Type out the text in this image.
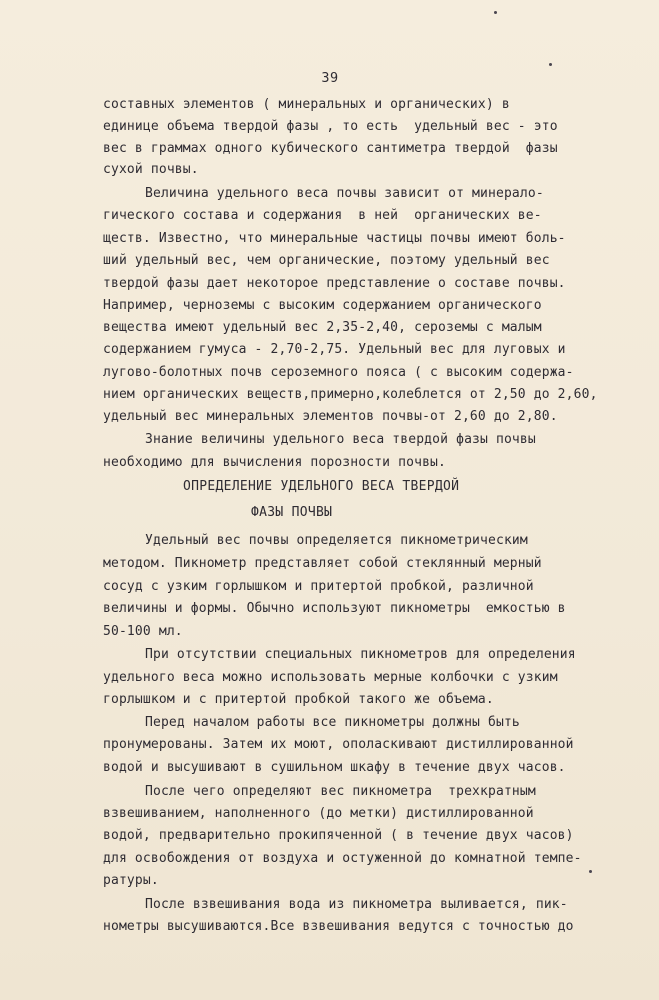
39
составных элементов ( минеральных и органических) в
единице объема твердой фазы , то есть  удельный вес - это
вес в граммах одного кубического сантиметра твердой  фазы
сухой почвы.
Величина удельного веса почвы зависит от минерало-
гического состава и содержания  в ней  органических ве-
ществ. Известно, что минеральные частицы почвы имеют боль-
ший удельный вес, чем органические, поэтому удельный вес
твердой фазы дает некоторое представление о составе почвы.
Например, черноземы с высоким содержанием органического
вещества имеют удельный вес 2,35-2,40, сероземы с малым
содержанием гумуса - 2,70-2,75. Удельный вес для луговых и
лугово-болотных почв сероземного пояса ( с высоким содержа-
нием органических веществ,примерно,колеблется от 2,50 до 2,60,
удельный вес минеральных элементов почвы-от 2,60 до 2,80.
Знание величины удельного веса твердой фазы почвы
необходимо для вычисления порозности почвы.
ОПРЕДЕЛЕНИЕ УДЕЛЬНОГО ВЕСА ТВЕРДОЙ
ФАЗЫ ПОЧВЫ
Удельный вес почвы определяется пикнометрическим
методом. Пикнометр представляет собой стеклянный мерный
сосуд с узким горлышком и притертой пробкой, различной
величины и формы. Обычно используют пикнометры  емкостью в
50-100 мл.
При отсутствии специальных пикнометров для определения
удельного веса можно использовать мерные колбочки с узким
горлышком и с притертой пробкой такого же объема.
Перед началом работы все пикнометры должны быть
пронумерованы. Затем их моют, ополаскивают дистиллированной
водой и высушивают в сушильном шкафу в течение двух часов.
После чего определяют вес пикнометра  трехкратным
взвешиванием, наполненного (до метки) дистиллированной
водой, предварительно прокипяченной ( в течение двух часов)
для освобождения от воздуха и остуженной до комнатной темпе-
ратуры.
После взвешивания вода из пикнометра выливается, пик-
нометры высушиваются.Все взвешивания ведутся с точностью до
